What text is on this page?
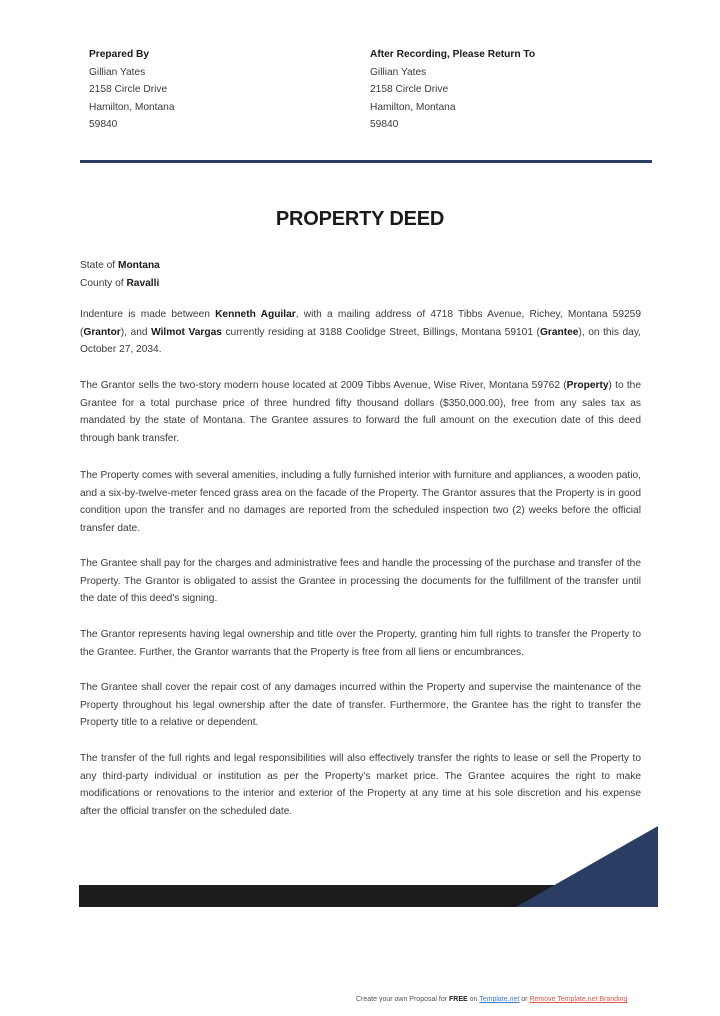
Prepared By
Gillian Yates
2158 Circle Drive
Hamilton, Montana
59840
After Recording, Please Return To
Gillian Yates
2158 Circle Drive
Hamilton, Montana
59840
PROPERTY DEED
State of Montana
County of Ravalli

Indenture is made between Kenneth Aguilar, with a mailing address of 4718 Tibbs Avenue, Richey, Montana 59259 (Grantor), and Wilmot Vargas currently residing at 3188 Coolidge Street, Billings, Montana 59101 (Grantee), on this day, October 27, 2034.

The Grantor sells the two-story modern house located at 2009 Tibbs Avenue, Wise River, Montana 59762 (Property) to the Grantee for a total purchase price of three hundred fifty thousand dollars ($350,000.00), free from any sales tax as mandated by the state of Montana. The Grantee assures to forward the full amount on the execution date of this deed through bank transfer.

The Property comes with several amenities, including a fully furnished interior with furniture and appliances, a wooden patio, and a six-by-twelve-meter fenced grass area on the facade of the Property. The Grantor assures that the Property is in good condition upon the transfer and no damages are reported from the scheduled inspection two (2) weeks before the official transfer date.

The Grantee shall pay for the charges and administrative fees and handle the processing of the purchase and transfer of the Property. The Grantor is obligated to assist the Grantee in processing the documents for the fulfillment of the transfer until the date of this deed's signing.

The Grantor represents having legal ownership and title over the Property, granting him full rights to transfer the Property to the Grantee. Further, the Grantor warrants that the Property is free from all liens or encumbrances.

The Grantee shall cover the repair cost of any damages incurred within the Property and supervise the maintenance of the Property throughout his legal ownership after the date of transfer. Furthermore, the Grantee has the right to transfer the Property title to a relative or dependent.

The transfer of the full rights and legal responsibilities will also effectively transfer the rights to lease or sell the Property to any third-party individual or institution as per the Property's market price. The Grantee acquires the right to make modifications or renovations to the interior and exterior of the Property at any time at his sole discretion and his expense after the official transfer on the scheduled date.

Create your own Proposal for FREE on Template.net or Remove Template.net Branding
